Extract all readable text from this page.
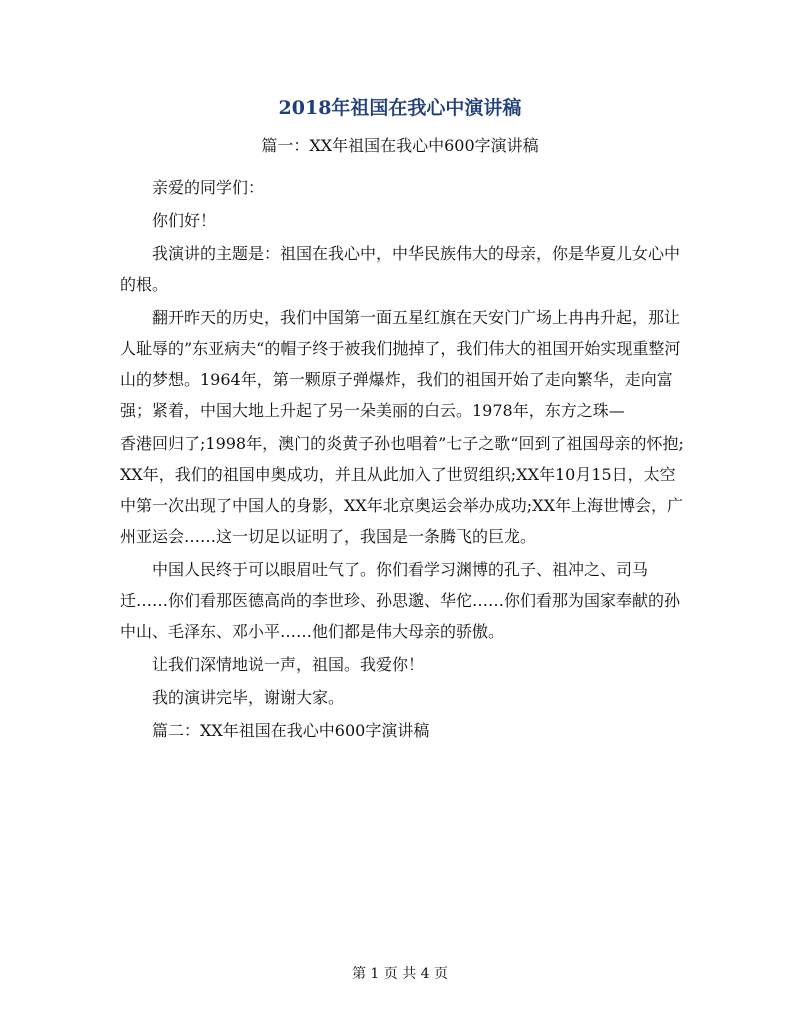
2018年祖国在我心中演讲稿
篇一：XX年祖国在我心中600字演讲稿

亲爱的同学们：

你们好！

我演讲的主题是：祖国在我心中，中华民族伟大的母亲，你是华夏儿女心中的根。

翻开昨天的历史，我们中国第一面五星红旗在天安门广场上冉冉升起，那让人耻辱的”东亚病夫“的帽子终于被我们抛掉了，我们伟大的祖国开始实现重整河山的梦想。1964年，第一颗原子弹爆炸，我们的祖国开始了走向繁华，走向富强；紧着，中国大地上升起了另一朵美丽的白云。1978年，东方之珠—

香港回归了;1998年，澳门的炎黄子孙也唱着”七子之歌“回到了祖国母亲的怀抱;XX年，我们的祖国申奥成功，并且从此加入了世贸组织;XX年10月15日，太空中第一次出现了中国人的身影，XX年北京奥运会举办成功;XX年上海世博会，广州亚运会……这一切足以证明了，我国是一条腾飞的巨龙。

中国人民终于可以眼眉吐气了。你们看学习渊博的孔子、祖冲之、司马迁……你们看那医德高尚的李世珍、孙思邈、华佗……你们看那为国家奉献的孙中山、毛泽东、邓小平……他们都是伟大母亲的骄傲。

让我们深情地说一声，祖国。我爱你！

我的演讲完毕，谢谢大家。

篇二：XX年祖国在我心中600字演讲稿

第 1 页 共 4 页
